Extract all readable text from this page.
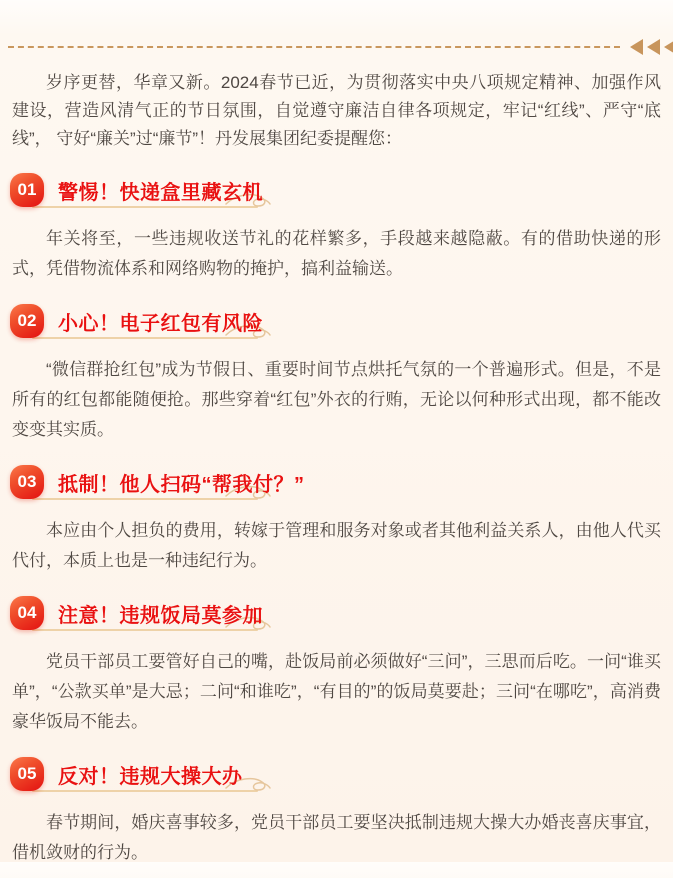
岁序更替，华章又新。2024春节已近，为贯彻落实中央八项规定精神、加强作风建设，营造风清气正的节日氛围，自觉遵守廉洁自律各项规定，牢记“红线”、严守“底线”， 守好“廉关”过“廉节”！丹发展集团纪委提醒您：

01	警惕！快递盒里藏玄机

年关将至，一些违规收送节礼的花样繁多，手段越来越隐蔽。有的借助快递的形式，凭借物流体系和网络购物的掩护，搞利益输送。

02	小心！电子红包有风险

“微信群抢红包”成为节假日、重要时间节点烘托气氛的一个普遍形式。但是，不是所有的红包都能随便抢。那些穿着“红包”外衣的行贿，无论以何种形式出现，都不能改变变其实质。

03	抵制！他人扫码“帮我付？”

本应由个人担负的费用，转嫁于管理和服务对象或者其他利益关系人，由他人代买代付，本质上也是一种违纪行为。

04	注意！违规饭局莫参加

党员干部员工要管好自己的嘴，赴饭局前必须做好“三问”，三思而后吃。一问“谁买单”，“公款买单”是大忌；二问“和谁吃”，“有目的”的饭局莫要赴；三问“在哪吃”，高消费豪华饭局不能去。

05	反对！违规大操大办

春节期间，婚庆喜事较多，党员干部员工要坚决抵制违规大操大办婚丧喜庆事宜，借机敛财的行为。
